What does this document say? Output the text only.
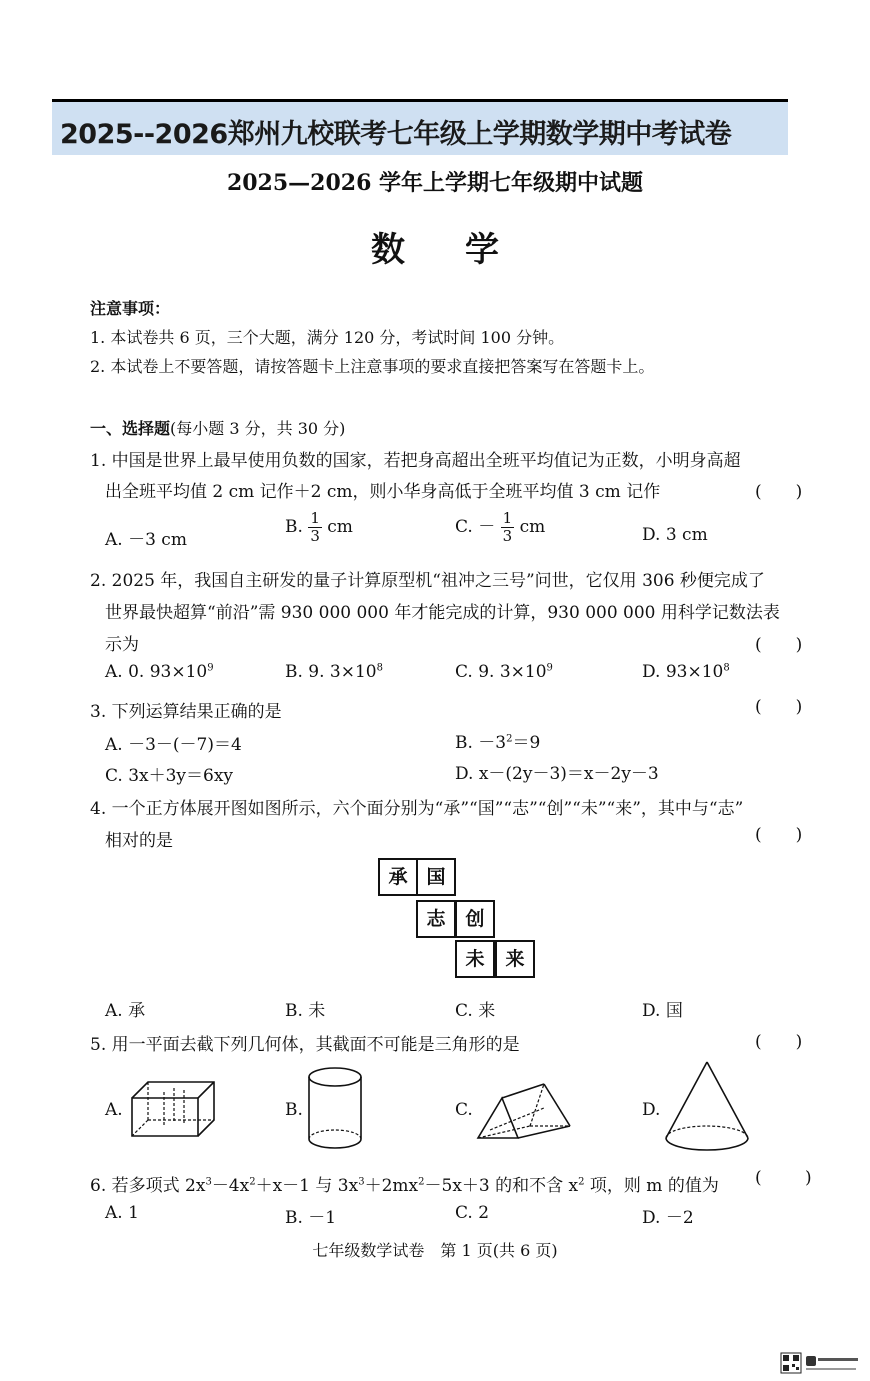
2025--2026郑州九校联考七年级上学期数学期中考试卷
2025—2026 学年上学期七年级期中试题
数学
注意事项：
1. 本试卷共 6 页，三个大题，满分 120 分，考试时间 100 分钟。
2. 本试卷上不要答题，请按答题卡上注意事项的要求直接把答案写在答题卡上。
一、选择题(每小题 3 分，共 30 分)
1. 中国是世界上最早使用负数的国家，若把身高超出全班平均值记为正数，小明身高超
出全班平均值 2 cm 记作＋2 cm，则小华身高低于全班平均值 3 cm 记作	(　　)
A. －3 cm
B. $\frac{1}{3}$ cm	C. － $\frac{1}{3}$ cm	D. 3 cm
2. 2025 年，我国自主研发的量子计算原型机“祖冲之三号”问世，它仅用 306 秒便完成了
世界最快超算“前沿”需 930 000 000 年才能完成的计算，930 000 000 用科学记数法表
示为	(　　)
A. 0. $93\times 10^9$	B. 9. $3\times 10^8$	C. 9. $3\times 10^9$	D. $93\times 10^8$
3. 下列运算结果正确的是	(　　)
A. －3－(－7)＝4	B. $-3^2=9$
C. 3x＋3y＝6xy	D. x－(2y－3)＝x－2y－3
4. 一个正方体展开图如图所示，六个面分别为“承”“国”“志”“创”“未”“来”，其中与“志”
相对的是	(　　)
承 国
志	创
未	来
A. 承	B. 未	C. 来	D. 国
5. 用一平面去截下列几何体，其截面不可能是三角形的是	(　　)
A.	B.	C.	D.
6. 若多项式 $2x^3-4x^2+x-1$ 与 $3x^3+2mx^2-5x+3$ 的和不含 $x^2$ 项，则 m 的值为 (	)
A. 1	B. －1	C. 2	D. －2
七年级数学试卷　第 1 页(共 6 页)
